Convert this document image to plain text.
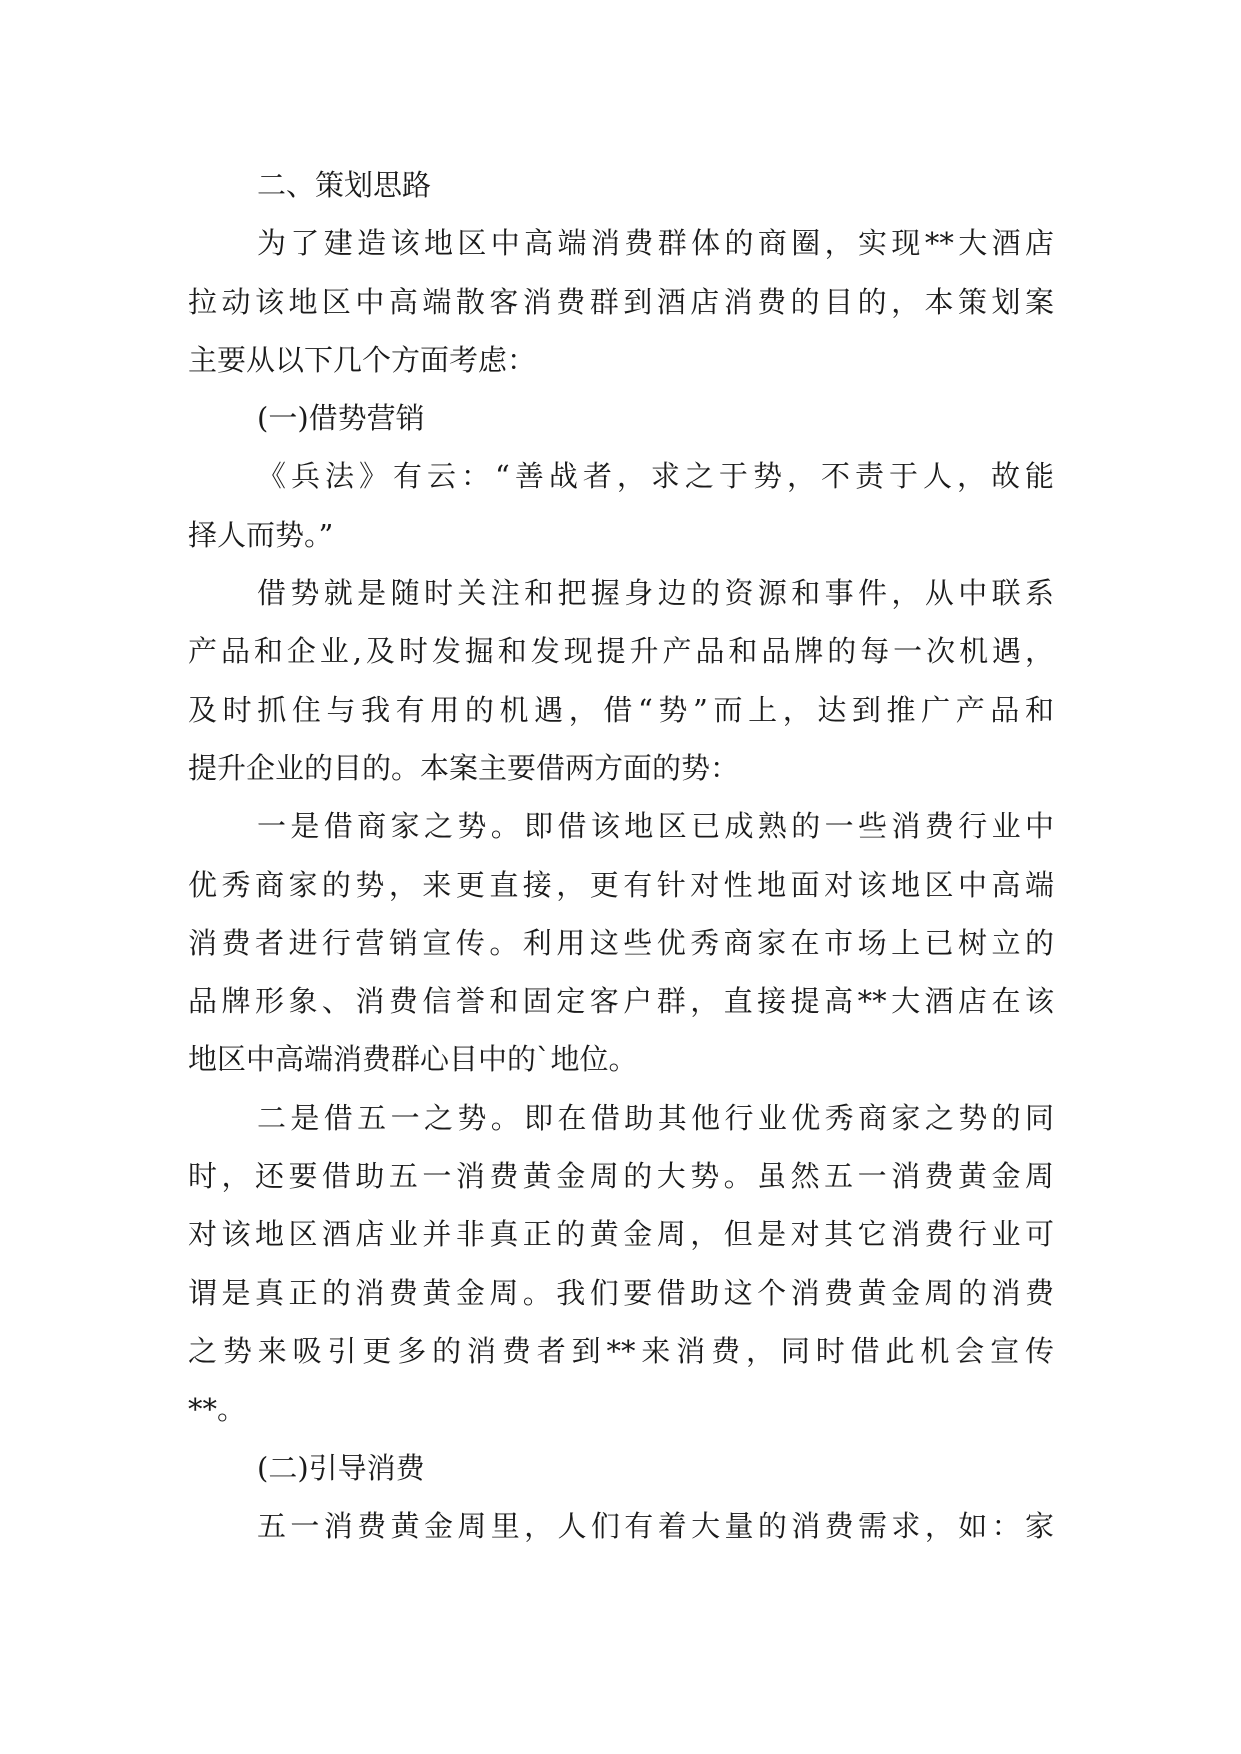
二、策划思路
为了建造该地区中高端消费群体的商圈，实现**大酒店
拉动该地区中高端散客消费群到酒店消费的目的，本策划案
主要从以下几个方面考虑：
(一)借势营销
《兵法》有云：“善战者，求之于势，不责于人，故能
择人而势。”
借势就是随时关注和把握身边的资源和事件，从中联系
产品和企业,及时发掘和发现提升产品和品牌的每一次机遇，
及时抓住与我有用的机遇，借“势”而上，达到推广产品和
提升企业的目的。本案主要借两方面的势：
一是借商家之势。即借该地区已成熟的一些消费行业中
优秀商家的势，来更直接，更有针对性地面对该地区中高端
消费者进行营销宣传。利用这些优秀商家在市场上已树立的
品牌形象、消费信誉和固定客户群，直接提高**大酒店在该
地区中高端消费群心目中的`地位。
二是借五一之势。即在借助其他行业优秀商家之势的同
时，还要借助五一消费黄金周的大势。虽然五一消费黄金周
对该地区酒店业并非真正的黄金周，但是对其它消费行业可
谓是真正的消费黄金周。我们要借助这个消费黄金周的消费
之势来吸引更多的消费者到**来消费，同时借此机会宣传
**。
(二)引导消费
五一消费黄金周里，人们有着大量的消费需求，如：家
